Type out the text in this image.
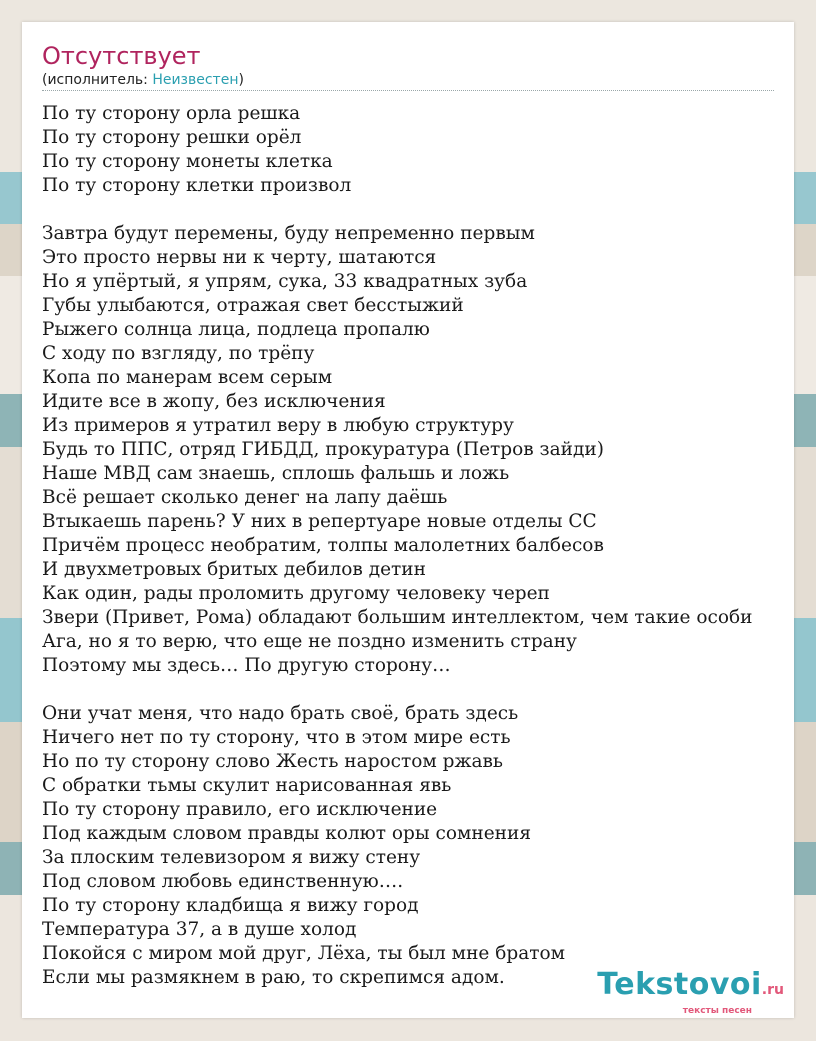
Отсутствует
(исполнитель: Неизвестен)
По ту сторону орла решка
По ту сторону решки орёл
По ту сторону монеты клетка
По ту сторону клетки произвол
Завтра будут перемены, буду непременно первым
Это просто нервы ни к черту, шатаются
Но я упёртый, я упрям, сука, 33 квадратных зуба
Губы улыбаются, отражая свет бесстыжий
Рыжего солнца лица, подлеца пропалю
С ходу по взгляду, по трёпу
Копа по манерам всем серым
Идите все в жопу, без исключения
Из примеров я утратил веру в любую структуру
Будь то ППС, отряд ГИБДД, прокуратура (Петров зайди)
Наше МВД сам знаешь, сплошь фальшь и ложь
Всё решает сколько денег на лапу даёшь
Втыкаешь парень? У них в репертуаре новые отделы СС
Причём процесс необратим, толпы малолетних балбесов
И двухметровых бритых дебилов детин
Как один, рады проломить другому человеку череп
Звери (Привет, Рома) обладают большим интеллектом, чем такие особи
Ага, но я то верю, что еще не поздно изменить страну
Поэтому мы здесь… По другую сторону…
Они учат меня, что надо брать своё, брать здесь
Ничего нет по ту сторону, что в этом мире есть
Но по ту сторону слово Жесть наростом ржавь
С обратки тьмы скулит нарисованная явь
По ту сторону правило, его исключение
Под каждым словом правды колют оры сомнения
За плоским телевизором я вижу стену
Под словом любовь единственную….
По ту сторону кладбища я вижу город
Температура 37, а в душе холод
Покойся с миром мой друг, Лёха, ты был мне братом
Если мы размякнем в раю, то скрепимся адом.	Tekstovoi.ru
тексты песен
